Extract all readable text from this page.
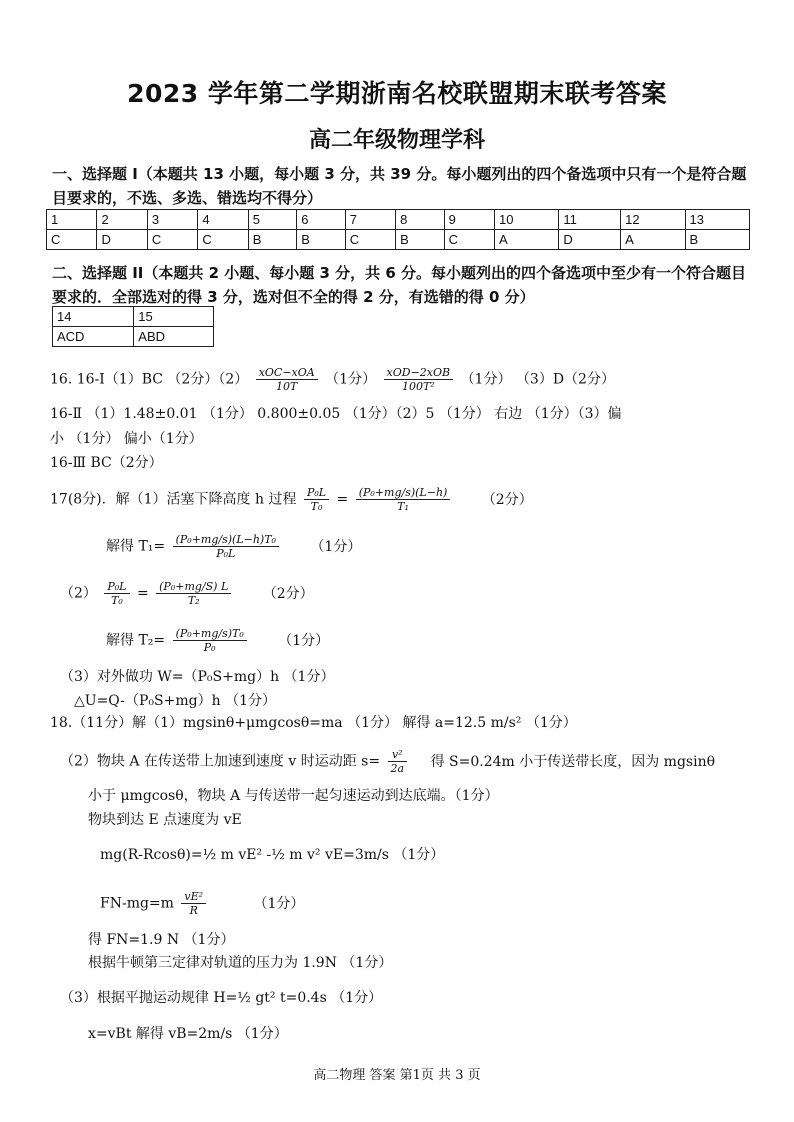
2023 学年第二学期浙南名校联盟期末联考答案
高二年级物理学科
一、选择题 I（本题共 13 小题，每小题 3 分，共 39 分。每小题列出的四个备选项中只有一个是符合题目要求的，不选、多选、错选均不得分）
1	2	3	4	5	6	7	8	9	10	11	12	13
C	D	C	C	B	B	C	B	C	A	D	A	B
二、选择题 II（本题共 2 小题、每小题 3 分，共 6 分。每小题列出的四个备选项中至少有一个符合题目要求的．全部选对的得 3 分，选对但不全的得 2 分，有选错的得 0 分）
14	15
ACD	ABD
16. 16-Ⅰ（1）BC （2分）$(2) \frac{\text{xOC−xOA}}{10T} (1$分） $\frac{\text{xOD−2xOB}}{\text{100T²}} (1$分） （3）D（2分）
16-Ⅱ （1）1.48±0.01 （1分） 0.800±0.05 （1分）（2）5 （1分） 右边 （1分）（3）偏
小 （1分） 偏小（1分）
16-Ⅲ BC（2分）
17(8分)．解（1）活塞下降高度 h 过程 $\frac{\text{P₀L}}{\text{T₀}} = \frac{\text{(P₀+mg/s)(L−h)}}{\text{T₁}} (2$分）
解得 $T_1= \frac{\text{(P₀+mg/s)(L−h)T₀}}{\text{P₀L}} (1$分）
$(2) \frac{\text{P₀L}}{\text{T₀}} = \frac{\text{(P₀+mg/S) L}}{\text{T₂}} (2$分）
解得 $T_2= \frac{\text{(P₀+mg/s)T₀}}{\text{P₀}} (1$分）
（3）对外做功 W=（P₀S+mg）h （1分）
△U=Q-（P₀S+mg）h （1分）
18.（11分）解（1）mgsinθ+μmgcosθ=ma （1分） 解得 a=12.5 m/s² （1分）
（2）物块 A 在传送带上加速到速度 v 时运动距 $s= \frac{\text{v²}}{2a}$ 得 S=0.24m 小于传送带长度，因为 mgsinθ
小于 μmgcosθ，物块 A 与传送带一起匀速运动到达底端。（1分）
物块到达 E 点速度为 vE
mg(R-Rcosθ)=½ m vE² -½ m v² vE=3m/s （1分）
$FN-mg=m \frac{\text{vE²}}{R}$	（1分）
得 FN=1.9 N （1分）
根据牛顿第三定律对轨道的压力为 1.9N （1分）
（3）根据平抛运动规律 H=½ gt² t=0.4s （1分）
x=vBt 解得 vB=2m/s （1分）
高二物理 答案 第1页 共 3 页
